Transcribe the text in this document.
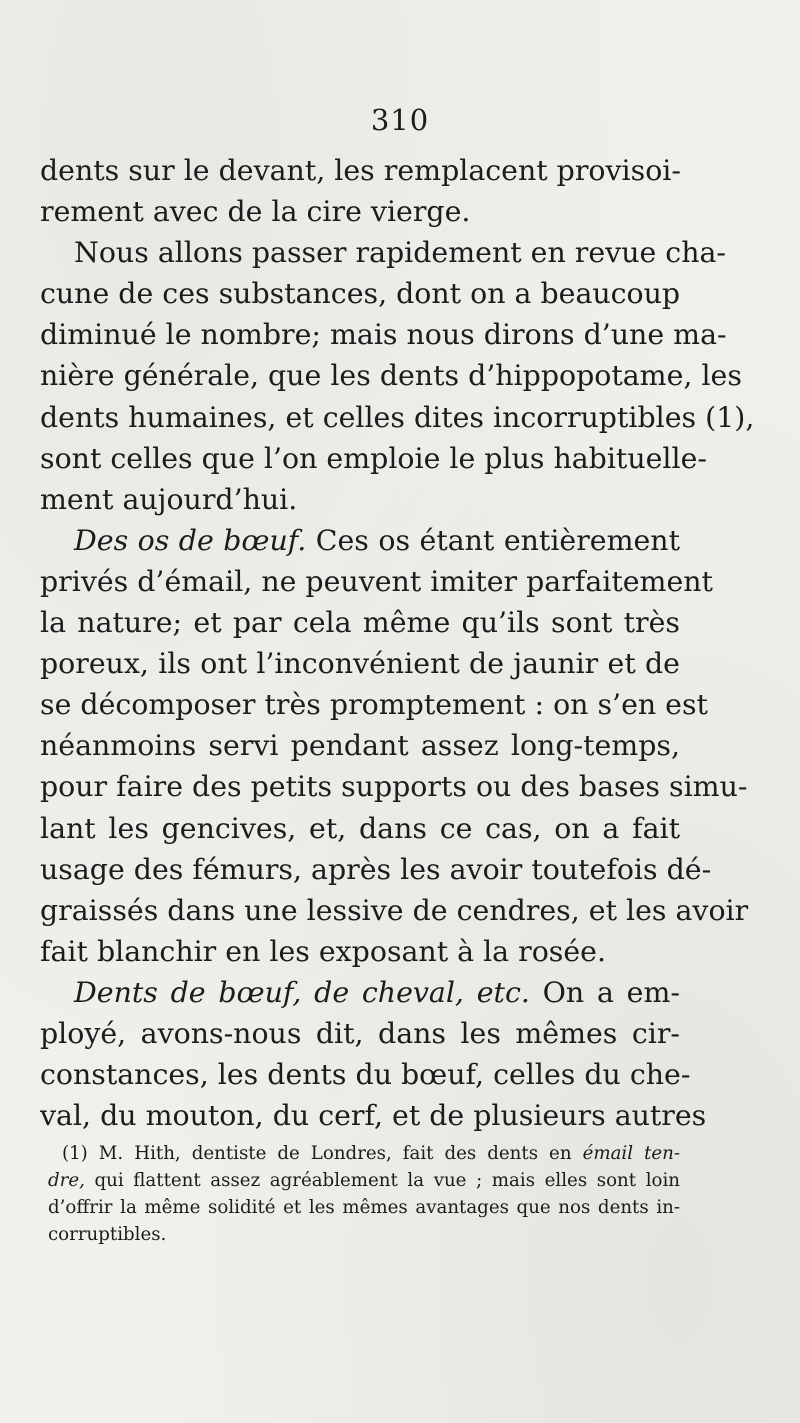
310
dents sur le devant, les remplacent provisoi-
rement avec de la cire vierge.
Nous allons passer rapidement en revue cha-
cune de ces substances, dont on a beaucoup
diminué le nombre; mais nous dirons d’une ma-
nière générale, que les dents d’hippopotame, les
dents humaines, et celles dites incorruptibles (1),
sont celles que l’on emploie le plus habituelle-
ment aujourd’hui.
Des os de bœuf. Ces os étant entièrement
privés d’émail, ne peuvent imiter parfaitement
la nature; et par cela même qu’ils sont très
poreux, ils ont l’inconvénient de jaunir et de
se décomposer très promptement : on s’en est
néanmoins servi pendant assez long-temps,
pour faire des petits supports ou des bases simu-
lant les gencives, et, dans ce cas, on a fait
usage des fémurs, après les avoir toutefois dé-
graissés dans une lessive de cendres, et les avoir
fait blanchir en les exposant à la rosée.
Dents de bœuf, de cheval, etc. On a em-
ployé, avons-nous dit, dans les mêmes cir-
constances, les dents du bœuf, celles du che-
val, du mouton, du cerf, et de plusieurs autres
(1) M. Hith, dentiste de Londres, fait des dents en émail ten-
dre, qui flattent assez agréablement la vue ; mais elles sont loin
d’offrir la même solidité et les mêmes avantages que nos dents in-
corruptibles.
